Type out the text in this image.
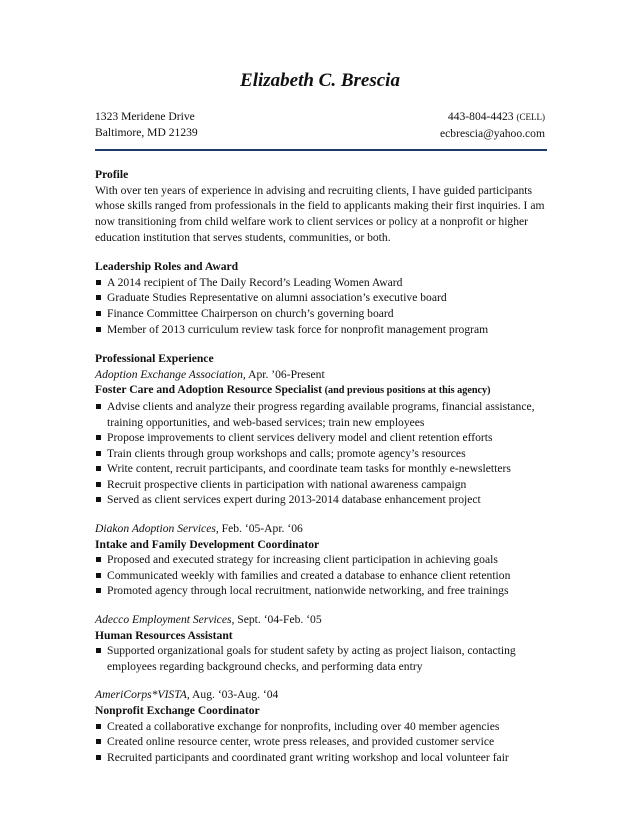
Elizabeth C. Brescia
1323 Meridene Drive
Baltimore, MD 21239
443-804-4423 (CELL)
ecbrescia@yahoo.com
Profile

With over ten years of experience in advising and recruiting clients, I have guided participants whose skills ranged from professionals in the field to applicants making their first inquiries. I am now transitioning from child welfare work to client services or policy at a nonprofit or higher education institution that serves students, communities, or both.

Leadership Roles and Award
A 2014 recipient of The Daily Record’s Leading Women Award
Graduate Studies Representative on alumni association’s executive board
Finance Committee Chairperson on church’s governing board
Member of 2013 curriculum review task force for nonprofit management program
Professional Experience
Adoption Exchange Association, Apr. ’06-Present
Foster Care and Adoption Resource Specialist (and previous positions at this agency)
Advise clients and analyze their progress regarding available programs, financial assistance, training opportunities, and web-based services; train new employees
Propose improvements to client services delivery model and client retention efforts
Train clients through group workshops and calls; promote agency’s resources
Write content, recruit participants, and coordinate team tasks for monthly e-newsletters
Recruit prospective clients in participation with national awareness campaign
Served as client services expert during 2013-2014 database enhancement project
Diakon Adoption Services, Feb. ‘05-Apr. ‘06
Intake and Family Development Coordinator
Proposed and executed strategy for increasing client participation in achieving goals
Communicated weekly with families and created a database to enhance client retention
Promoted agency through local recruitment, nationwide networking, and free trainings
Adecco Employment Services, Sept. ‘04-Feb. ‘05
Human Resources Assistant
Supported organizational goals for student safety by acting as project liaison, contacting employees regarding background checks, and performing data entry
AmeriCorps*VISTA, Aug. ‘03-Aug. ‘04
Nonprofit Exchange Coordinator
Created a collaborative exchange for nonprofits, including over 40 member agencies
Created online resource center, wrote press releases, and provided customer service
Recruited participants and coordinated grant writing workshop and local volunteer fair
